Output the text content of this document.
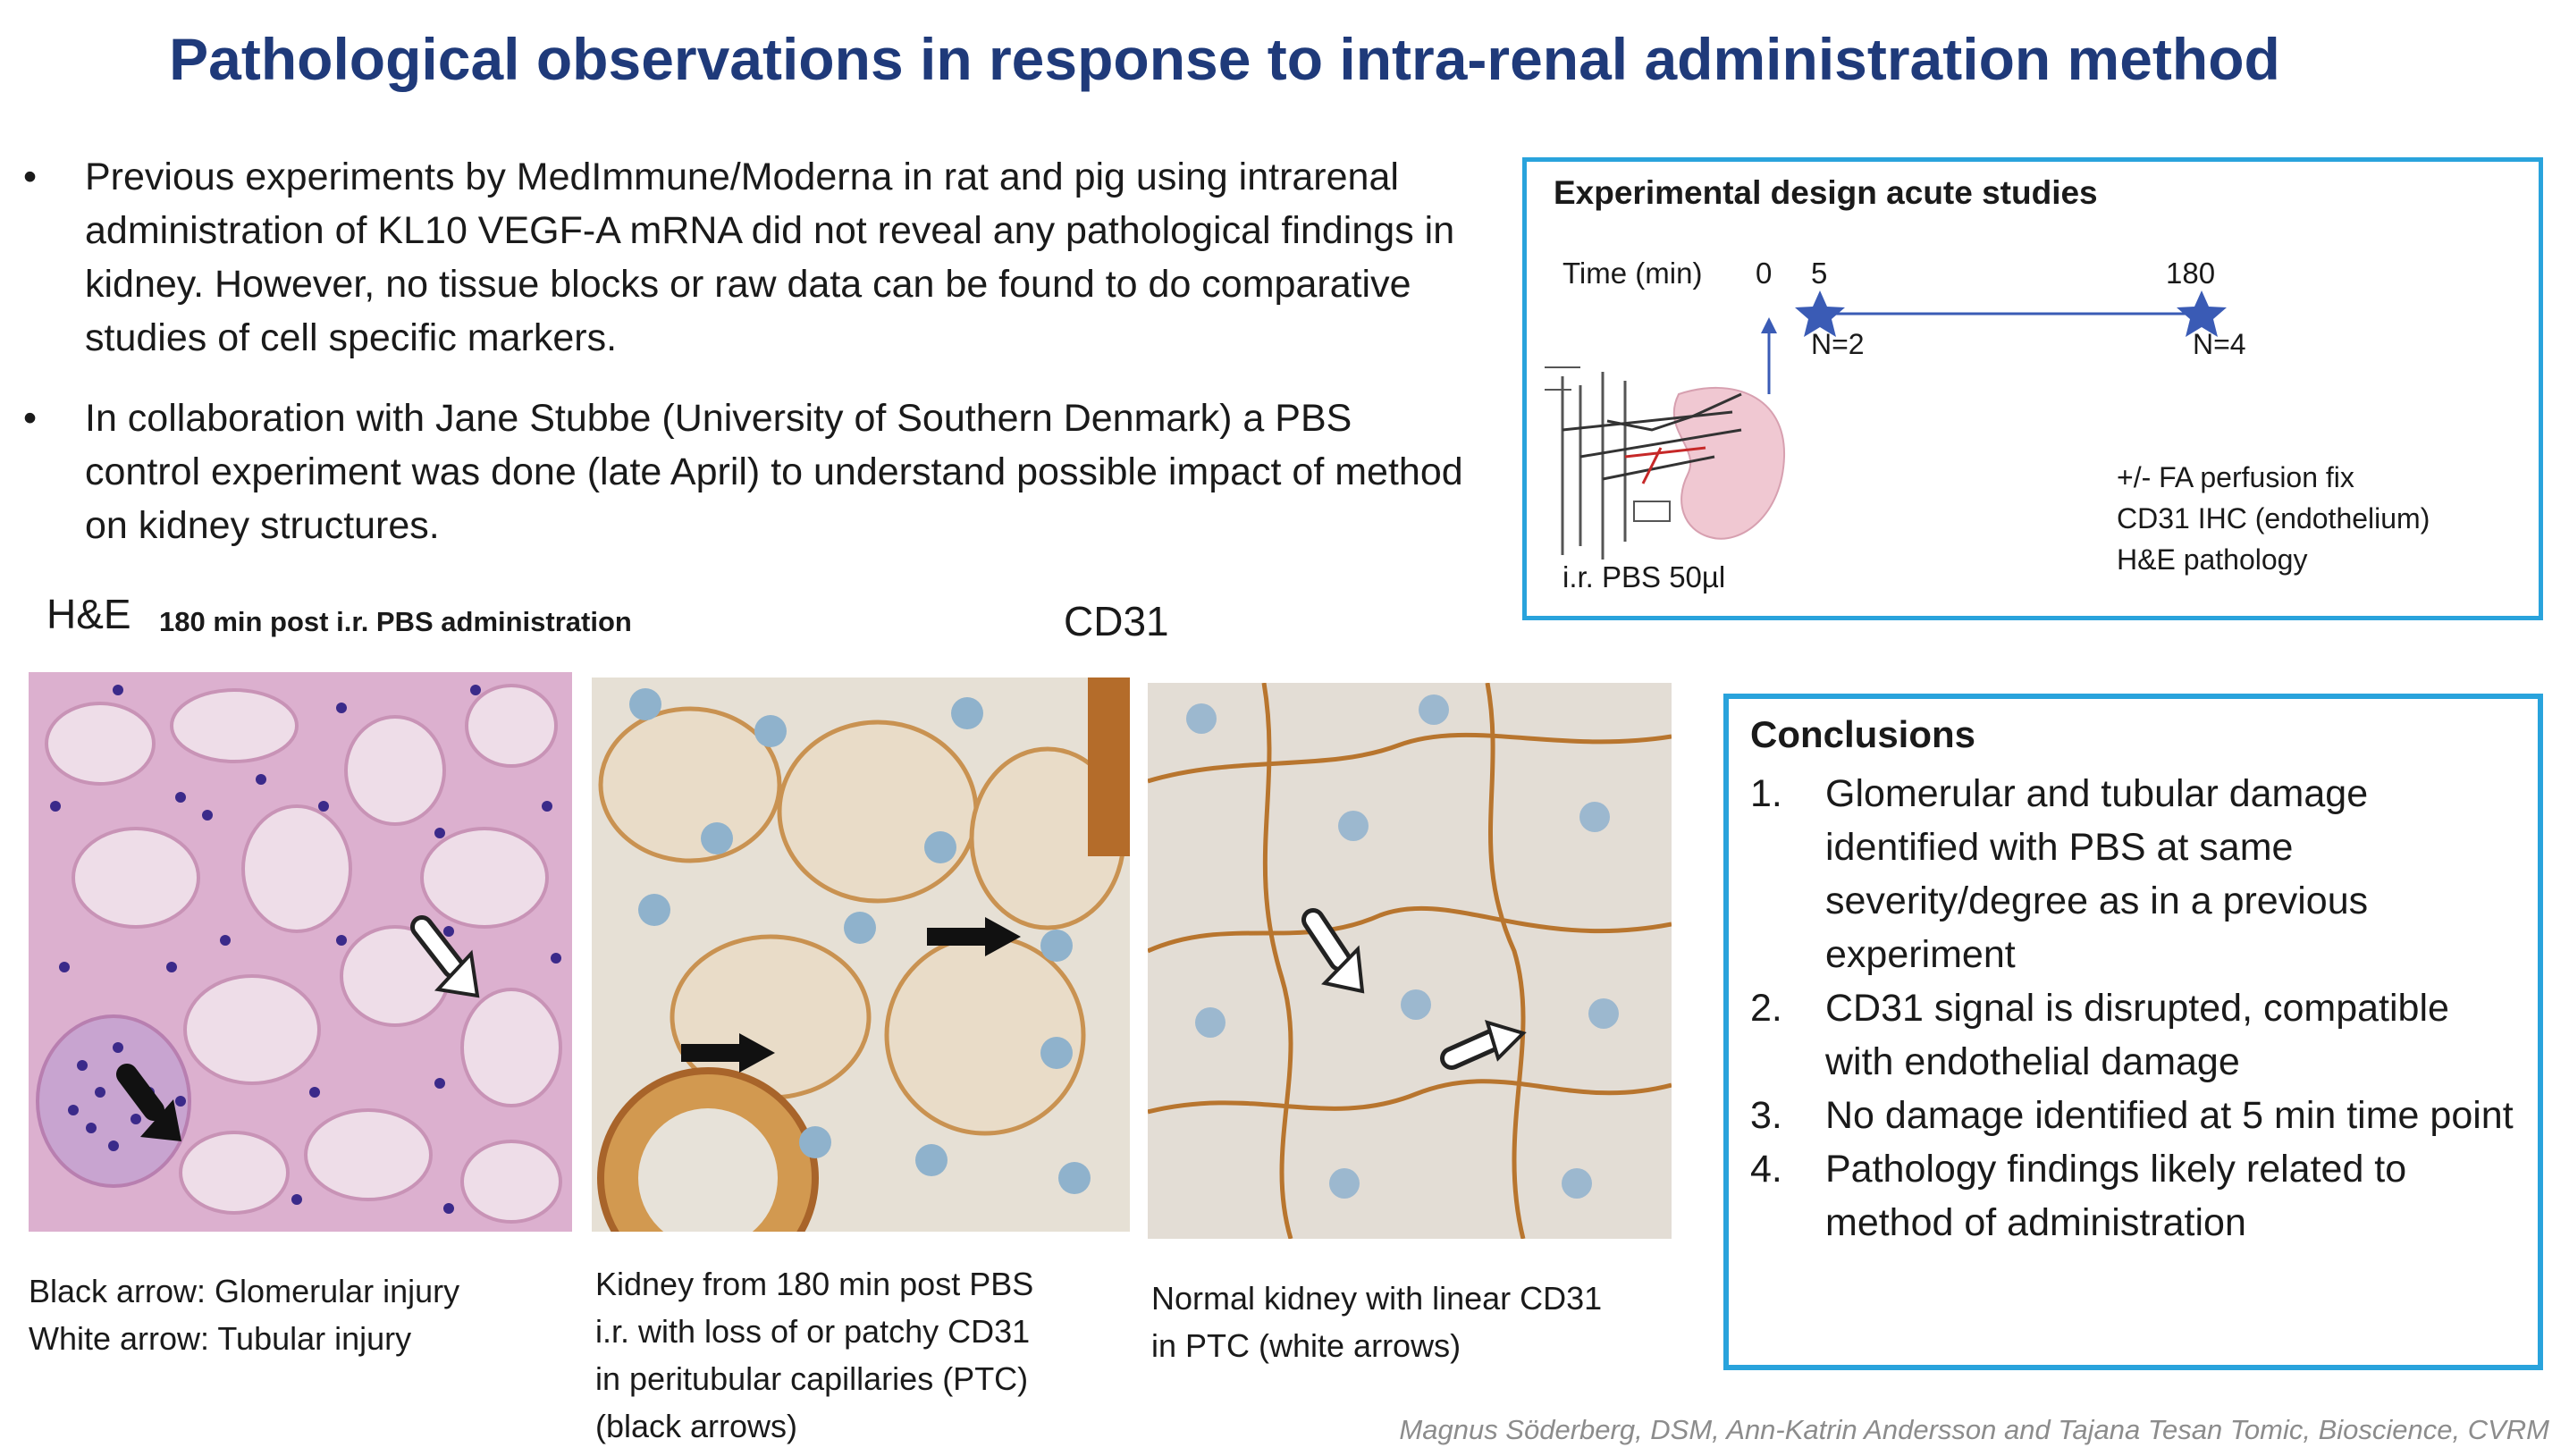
Pathological observations in response to intra-renal administration method
• Previous experiments by MedImmune/Moderna in rat and pig using intrarenal administration of KL10 VEGF-A mRNA did not reveal any pathological findings in kidney. However, no tissue blocks or raw data can be found to do comparative studies of cell specific markers.
• In collaboration with Jane Stubbe (University of Southern Denmark) a PBS control experiment was done (late April) to understand possible impact of method on kidney structures.
Experimental design acute studies
Time (min) 0 5	180
N=2	N=4
+/- FA perfusion fix
CD31 IHC (endothelium)
H&E pathology
i.r. PBS 50µl
H&E 180 min post i.r. PBS administration	CD31
Black arrow: Glomerular injury
White arrow: Tubular injury
Kidney from 180 min post PBS
i.r. with loss of or patchy CD31
in peritubular capillaries (PTC)
(black arrows)
Normal kidney with linear CD31
in PTC (white arrows)
Conclusions
1. Glomerular and tubular damage identified with PBS at same severity/degree as in a previous experiment
2. CD31 signal is disrupted, compatible with endothelial damage
3. No damage identified at 5 min time point
4. Pathology findings likely related to method of administration
Magnus Söderberg, DSM, Ann-Katrin Andersson and Tajana Tesan Tomic, Bioscience, CVRM
